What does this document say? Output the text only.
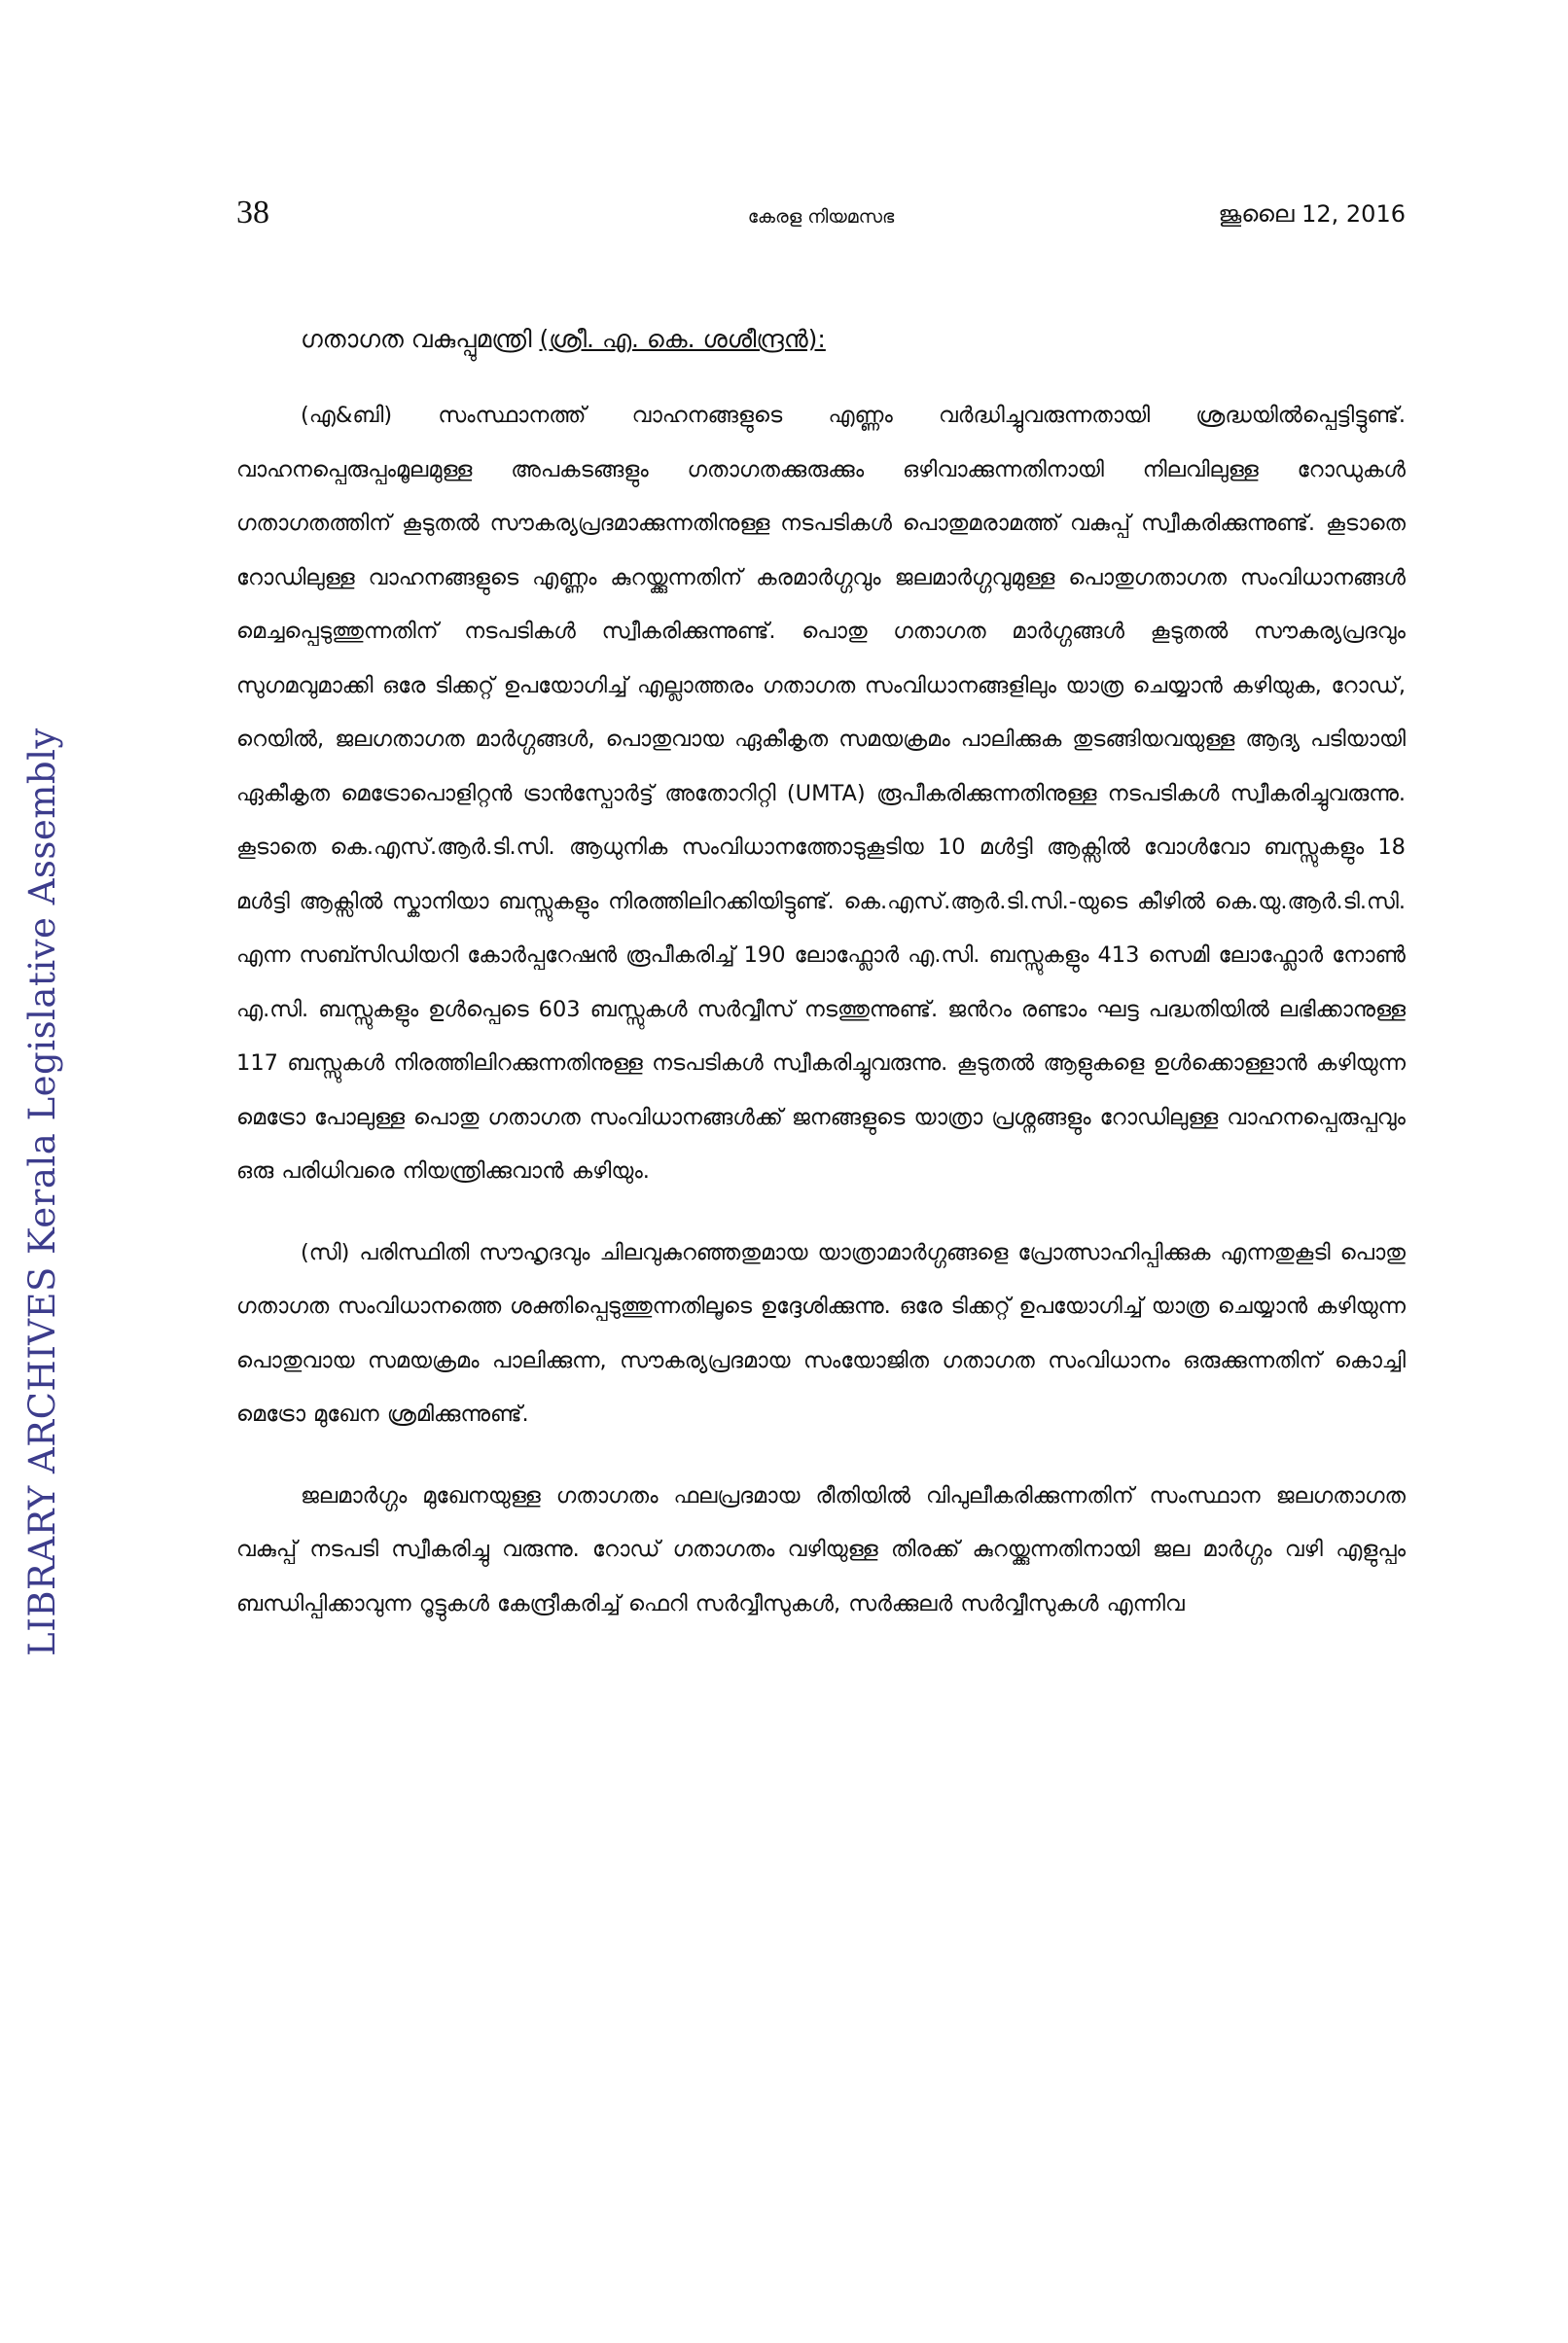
LIBRARY ARCHIVES Kerala Legislative Assembly
38	കേരള നിയമസഭ	ജൂലൈ 12, 2016
ഗതാഗത വകുപ്പുമന്ത്രി (ശ്രീ. എ. കെ. ശശീന്ദ്രൻ):

(എ&ബി) സംസ്ഥാനത്ത് വാഹനങ്ങളുടെ എണ്ണം വർദ്ധിച്ചുവരുന്നതായി ശ്രദ്ധയിൽപ്പെട്ടിട്ടുണ്ട്. വാഹനപ്പെരുപ്പംമൂലമുള്ള അപകടങ്ങളും ഗതാഗതക്കുരുക്കും ഒഴിവാക്കുന്നതിനായി നിലവിലുള്ള റോഡുകൾ ഗതാഗതത്തിന് കൂടുതൽ സൗകര്യപ്രദമാക്കുന്നതിനുള്ള നടപടികൾ പൊതുമരാമത്ത് വകുപ്പ് സ്വീകരിക്കുന്നുണ്ട്. കൂടാതെ റോഡിലുള്ള വാഹനങ്ങളുടെ എണ്ണം കുറയ്ക്കുന്നതിന് കരമാർഗ്ഗവും ജലമാർഗ്ഗവുമുള്ള പൊതുഗതാഗത സംവിധാനങ്ങൾ മെച്ചപ്പെടുത്തുന്നതിന് നടപടികൾ സ്വീകരിക്കുന്നുണ്ട്. പൊതു ഗതാഗത മാർഗ്ഗങ്ങൾ കൂടുതൽ സൗകര്യപ്രദവും സുഗമവുമാക്കി ഒരേ ടിക്കറ്റ് ഉപയോഗിച്ച് എല്ലാത്തരം ഗതാഗത സംവിധാനങ്ങളിലും യാത്ര ചെയ്യാൻ കഴിയുക, റോഡ്, റെയിൽ, ജലഗതാഗത മാർഗ്ഗങ്ങൾ, പൊതുവായ ഏകീകൃത സമയക്രമം പാലിക്കുക തുടങ്ങിയവയുള്ള ആദ്യ പടിയായി ഏകീകൃത മെട്രോപൊളിറ്റൻ ട്രാൻസ്പോർട്ട് അതോറിറ്റി (UMTA) രൂപീകരിക്കുന്നതിനുള്ള നടപടികൾ സ്വീകരിച്ചുവരുന്നു. കൂടാതെ കെ.എസ്.ആർ.ടി.സി. ആധുനിക സംവിധാനത്തോടുകൂടിയ 10 മൾട്ടി ആക്സിൽ വോൾവോ ബസ്സുകളും 18 മൾട്ടി ആക്സിൽ സ്കാനിയാ ബസ്സുകളും നിരത്തിലിറക്കിയിട്ടുണ്ട്. കെ.എസ്.ആർ.ടി.സി.-യുടെ കീഴിൽ കെ.യു.ആർ.ടി.സി. എന്ന സബ്സിഡിയറി കോർപ്പറേഷൻ രൂപീകരിച്ച് 190 ലോഫ്ലോർ എ.സി. ബസ്സുകളും 413 സെമി ലോഫ്ലോർ നോൺ എ.സി. ബസ്സുകളും ഉൾപ്പെടെ 603 ബസ്സുകൾ സർവ്വീസ് നടത്തുന്നുണ്ട്. ജൻറം രണ്ടാം ഘട്ട പദ്ധതിയിൽ ലഭിക്കാനുള്ള 117 ബസ്സുകൾ നിരത്തിലിറക്കുന്നതിനുള്ള നടപടികൾ സ്വീകരിച്ചുവരുന്നു. കൂടുതൽ ആളുകളെ ഉൾക്കൊള്ളാൻ കഴിയുന്ന മെട്രോ പോലുള്ള പൊതു ഗതാഗത സംവിധാനങ്ങൾക്ക് ജനങ്ങളുടെ യാത്രാ പ്രശ്നങ്ങളും റോഡിലുള്ള വാഹനപ്പെരുപ്പവും ഒരു പരിധിവരെ നിയന്ത്രിക്കുവാൻ കഴിയും.

(സി) പരിസ്ഥിതി സൗഹൃദവും ചിലവുകുറഞ്ഞതുമായ യാത്രാമാർഗ്ഗങ്ങളെ പ്രോത്സാഹിപ്പിക്കുക എന്നതുകൂടി പൊതു ഗതാഗത സംവിധാനത്തെ ശക്തിപ്പെടുത്തുന്നതിലൂടെ ഉദ്ദേശിക്കുന്നു. ഒരേ ടിക്കറ്റ് ഉപയോഗിച്ച് യാത്ര ചെയ്യാൻ കഴിയുന്ന പൊതുവായ സമയക്രമം പാലിക്കുന്ന, സൗകര്യപ്രദമായ സംയോജിത ഗതാഗത സംവിധാനം ഒരുക്കുന്നതിന് കൊച്ചി മെട്രോ മുഖേന ശ്രമിക്കുന്നുണ്ട്.

ജലമാർഗ്ഗം മുഖേനയുള്ള ഗതാഗതം ഫലപ്രദമായ രീതിയിൽ വിപുലീകരിക്കുന്നതിന് സംസ്ഥാന ജലഗതാഗത വകുപ്പ് നടപടി സ്വീകരിച്ചു വരുന്നു. റോഡ് ഗതാഗതം വഴിയുള്ള തിരക്ക് കുറയ്ക്കുന്നതിനായി ജല മാർഗ്ഗം വഴി എളുപ്പം ബന്ധിപ്പിക്കാവുന്ന റൂട്ടുകൾ കേന്ദ്രീകരിച്ച് ഫെറി സർവ്വീസുകൾ, സർക്കുലർ സർവ്വീസുകൾ എന്നിവ
